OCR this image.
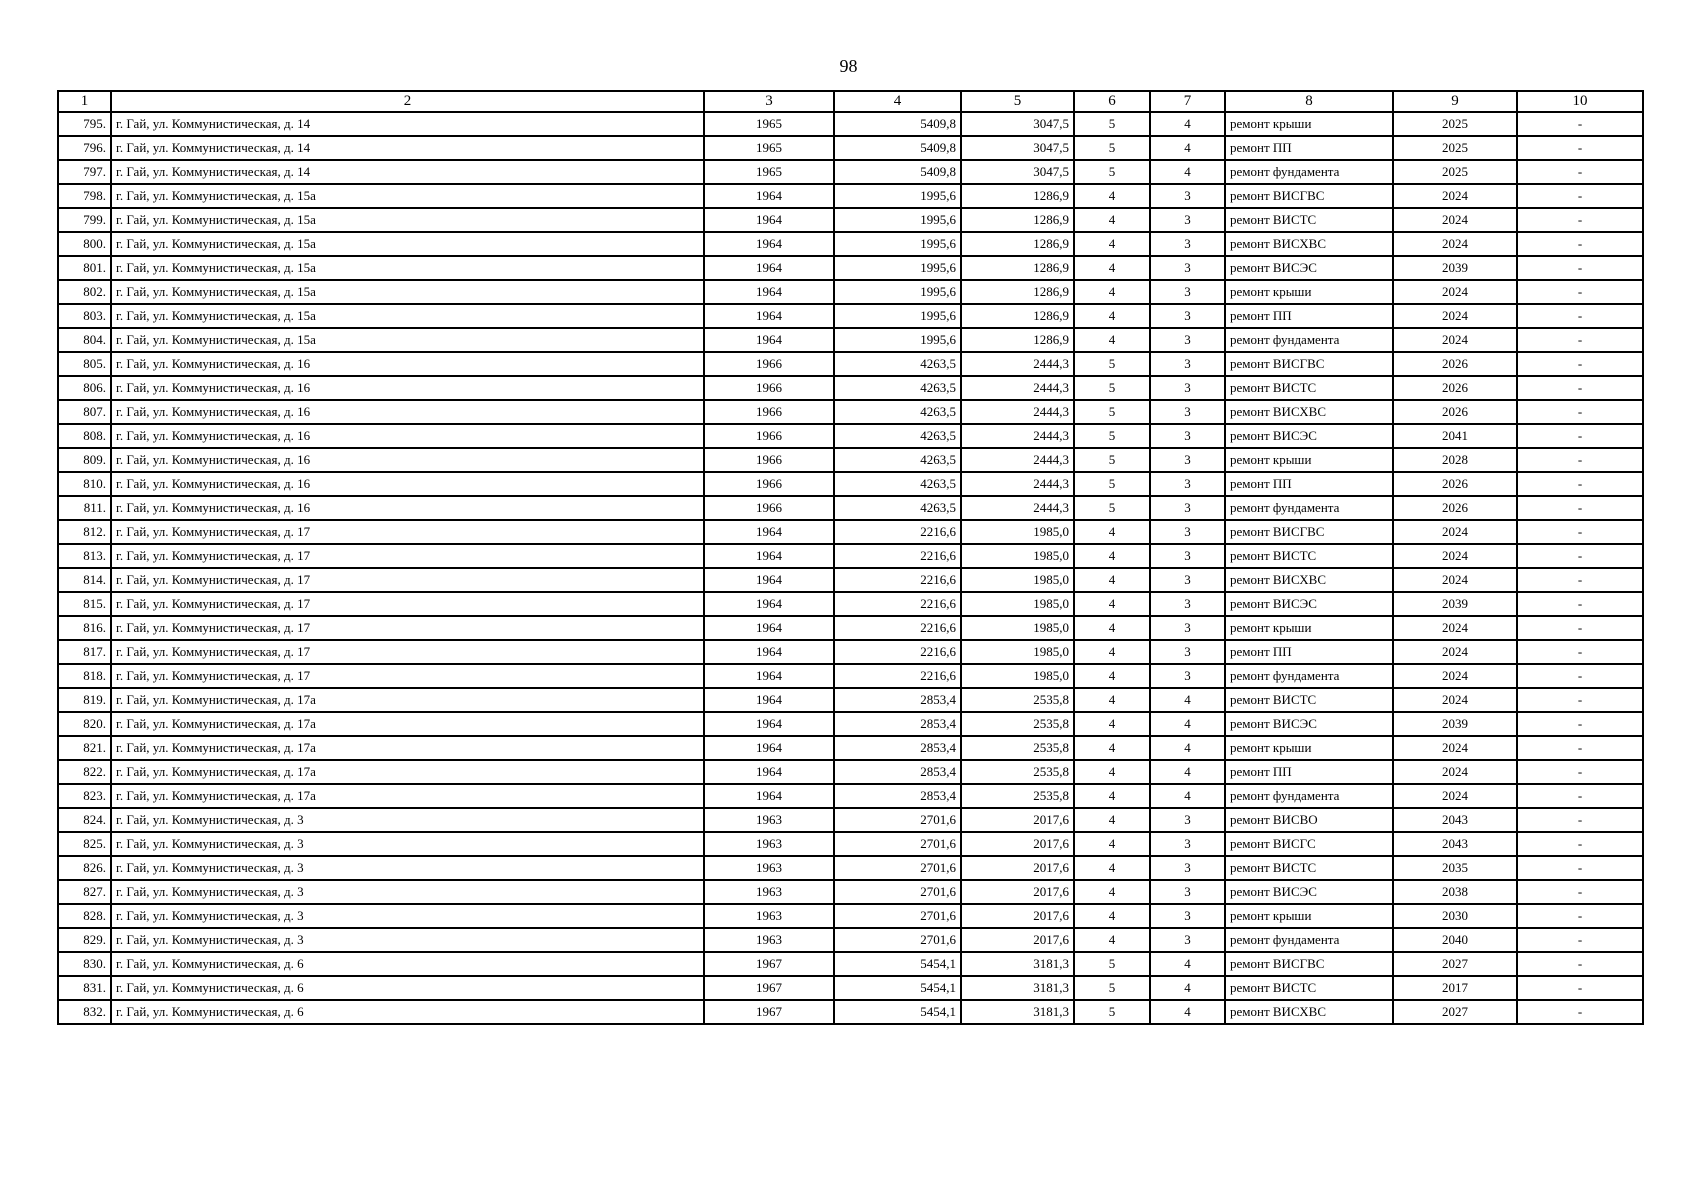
98
1	2	3	4	5	6	7	8	9	10
795.	г. Гай, ул. Коммунистическая, д. 14	1965	5409,8	3047,5	5	4	ремонт крыши	2025	-
796.	г. Гай, ул. Коммунистическая, д. 14	1965	5409,8	3047,5	5	4	ремонт ПП	2025	-
797.	г. Гай, ул. Коммунистическая, д. 14	1965	5409,8	3047,5	5	4	ремонт фундамента	2025	-
798.	г. Гай, ул. Коммунистическая, д. 15а	1964	1995,6	1286,9	4	3	ремонт ВИСГВС	2024	-
799.	г. Гай, ул. Коммунистическая, д. 15а	1964	1995,6	1286,9	4	3	ремонт ВИСТС	2024	-
800.	г. Гай, ул. Коммунистическая, д. 15а	1964	1995,6	1286,9	4	3	ремонт ВИСХВС	2024	-
801.	г. Гай, ул. Коммунистическая, д. 15а	1964	1995,6	1286,9	4	3	ремонт ВИСЭС	2039	-
802.	г. Гай, ул. Коммунистическая, д. 15а	1964	1995,6	1286,9	4	3	ремонт крыши	2024	-
803.	г. Гай, ул. Коммунистическая, д. 15а	1964	1995,6	1286,9	4	3	ремонт ПП	2024	-
804.	г. Гай, ул. Коммунистическая, д. 15а	1964	1995,6	1286,9	4	3	ремонт фундамента	2024	-
805.	г. Гай, ул. Коммунистическая, д. 16	1966	4263,5	2444,3	5	3	ремонт ВИСГВС	2026	-
806.	г. Гай, ул. Коммунистическая, д. 16	1966	4263,5	2444,3	5	3	ремонт ВИСТС	2026	-
807.	г. Гай, ул. Коммунистическая, д. 16	1966	4263,5	2444,3	5	3	ремонт ВИСХВС	2026	-
808.	г. Гай, ул. Коммунистическая, д. 16	1966	4263,5	2444,3	5	3	ремонт ВИСЭС	2041	-
809.	г. Гай, ул. Коммунистическая, д. 16	1966	4263,5	2444,3	5	3	ремонт крыши	2028	-
810.	г. Гай, ул. Коммунистическая, д. 16	1966	4263,5	2444,3	5	3	ремонт ПП	2026	-
811.	г. Гай, ул. Коммунистическая, д. 16	1966	4263,5	2444,3	5	3	ремонт фундамента	2026	-
812.	г. Гай, ул. Коммунистическая, д. 17	1964	2216,6	1985,0	4	3	ремонт ВИСГВС	2024	-
813.	г. Гай, ул. Коммунистическая, д. 17	1964	2216,6	1985,0	4	3	ремонт ВИСТС	2024	-
814.	г. Гай, ул. Коммунистическая, д. 17	1964	2216,6	1985,0	4	3	ремонт ВИСХВС	2024	-
815.	г. Гай, ул. Коммунистическая, д. 17	1964	2216,6	1985,0	4	3	ремонт ВИСЭС	2039	-
816.	г. Гай, ул. Коммунистическая, д. 17	1964	2216,6	1985,0	4	3	ремонт крыши	2024	-
817.	г. Гай, ул. Коммунистическая, д. 17	1964	2216,6	1985,0	4	3	ремонт ПП	2024	-
818.	г. Гай, ул. Коммунистическая, д. 17	1964	2216,6	1985,0	4	3	ремонт фундамента	2024	-
819.	г. Гай, ул. Коммунистическая, д. 17а	1964	2853,4	2535,8	4	4	ремонт ВИСТС	2024	-
820.	г. Гай, ул. Коммунистическая, д. 17а	1964	2853,4	2535,8	4	4	ремонт ВИСЭС	2039	-
821.	г. Гай, ул. Коммунистическая, д. 17а	1964	2853,4	2535,8	4	4	ремонт крыши	2024	-
822.	г. Гай, ул. Коммунистическая, д. 17а	1964	2853,4	2535,8	4	4	ремонт ПП	2024	-
823.	г. Гай, ул. Коммунистическая, д. 17а	1964	2853,4	2535,8	4	4	ремонт фундамента	2024	-
824.	г. Гай, ул. Коммунистическая, д. 3	1963	2701,6	2017,6	4	3	ремонт ВИСВО	2043	-
825.	г. Гай, ул. Коммунистическая, д. 3	1963	2701,6	2017,6	4	3	ремонт ВИСГС	2043	-
826.	г. Гай, ул. Коммунистическая, д. 3	1963	2701,6	2017,6	4	3	ремонт ВИСТС	2035	-
827.	г. Гай, ул. Коммунистическая, д. 3	1963	2701,6	2017,6	4	3	ремонт ВИСЭС	2038	-
828.	г. Гай, ул. Коммунистическая, д. 3	1963	2701,6	2017,6	4	3	ремонт крыши	2030	-
829.	г. Гай, ул. Коммунистическая, д. 3	1963	2701,6	2017,6	4	3	ремонт фундамента	2040	-
830.	г. Гай, ул. Коммунистическая, д. 6	1967	5454,1	3181,3	5	4	ремонт ВИСГВС	2027	-
831.	г. Гай, ул. Коммунистическая, д. 6	1967	5454,1	3181,3	5	4	ремонт ВИСТС	2017	-
832.	г. Гай, ул. Коммунистическая, д. 6	1967	5454,1	3181,3	5	4	ремонт ВИСХВС	2027	-
